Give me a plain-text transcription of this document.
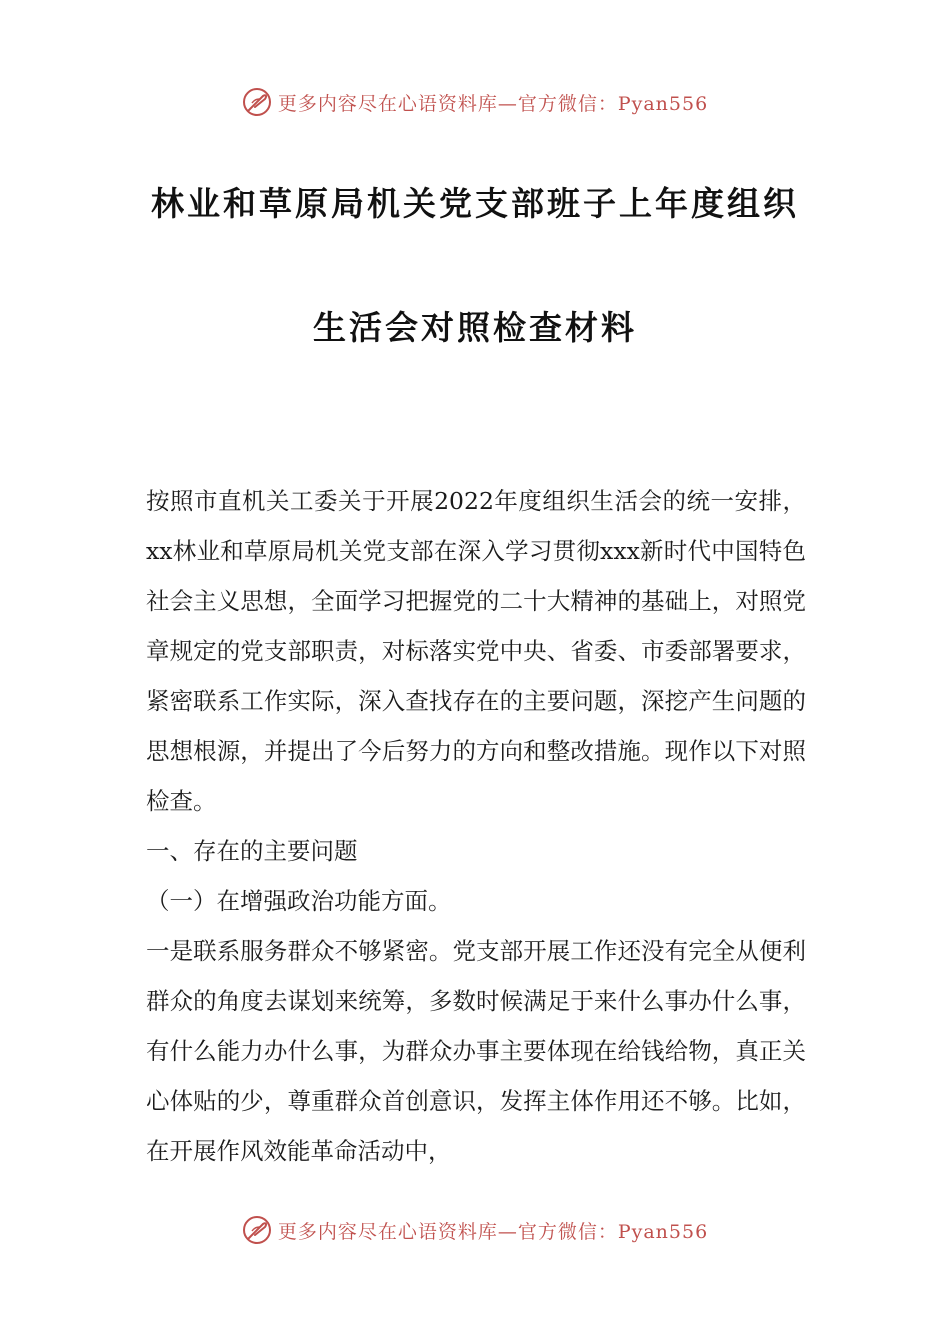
更多内容尽在心语资料库—官方微信：Pyan556
林业和草原局机关党支部班子上年度组织
生活会对照检查材料

按照市直机关工委关于开展2022年度组织生活会的统一安排，xx林业和草原局机关党支部在深入学习贯彻xxx新时代中国特色社会主义思想，全面学习把握党的二十大精神的基础上，对照党章规定的党支部职责，对标落实党中央、省委、市委部署要求，紧密联系工作实际，深入查找存在的主要问题，深挖产生问题的思想根源，并提出了今后努力的方向和整改措施。现作以下对照检查。

一、存在的主要问题

（一）在增强政治功能方面。

一是联系服务群众不够紧密。党支部开展工作还没有完全从便利群众的角度去谋划来统筹，多数时候满足于来什么事办什么事，有什么能力办什么事，为群众办事主要体现在给钱给物，真正关心体贴的少，尊重群众首创意识，发挥主体作用还不够。比如，在开展作风效能革命活动中，

更多内容尽在心语资料库—官方微信：Pyan556
